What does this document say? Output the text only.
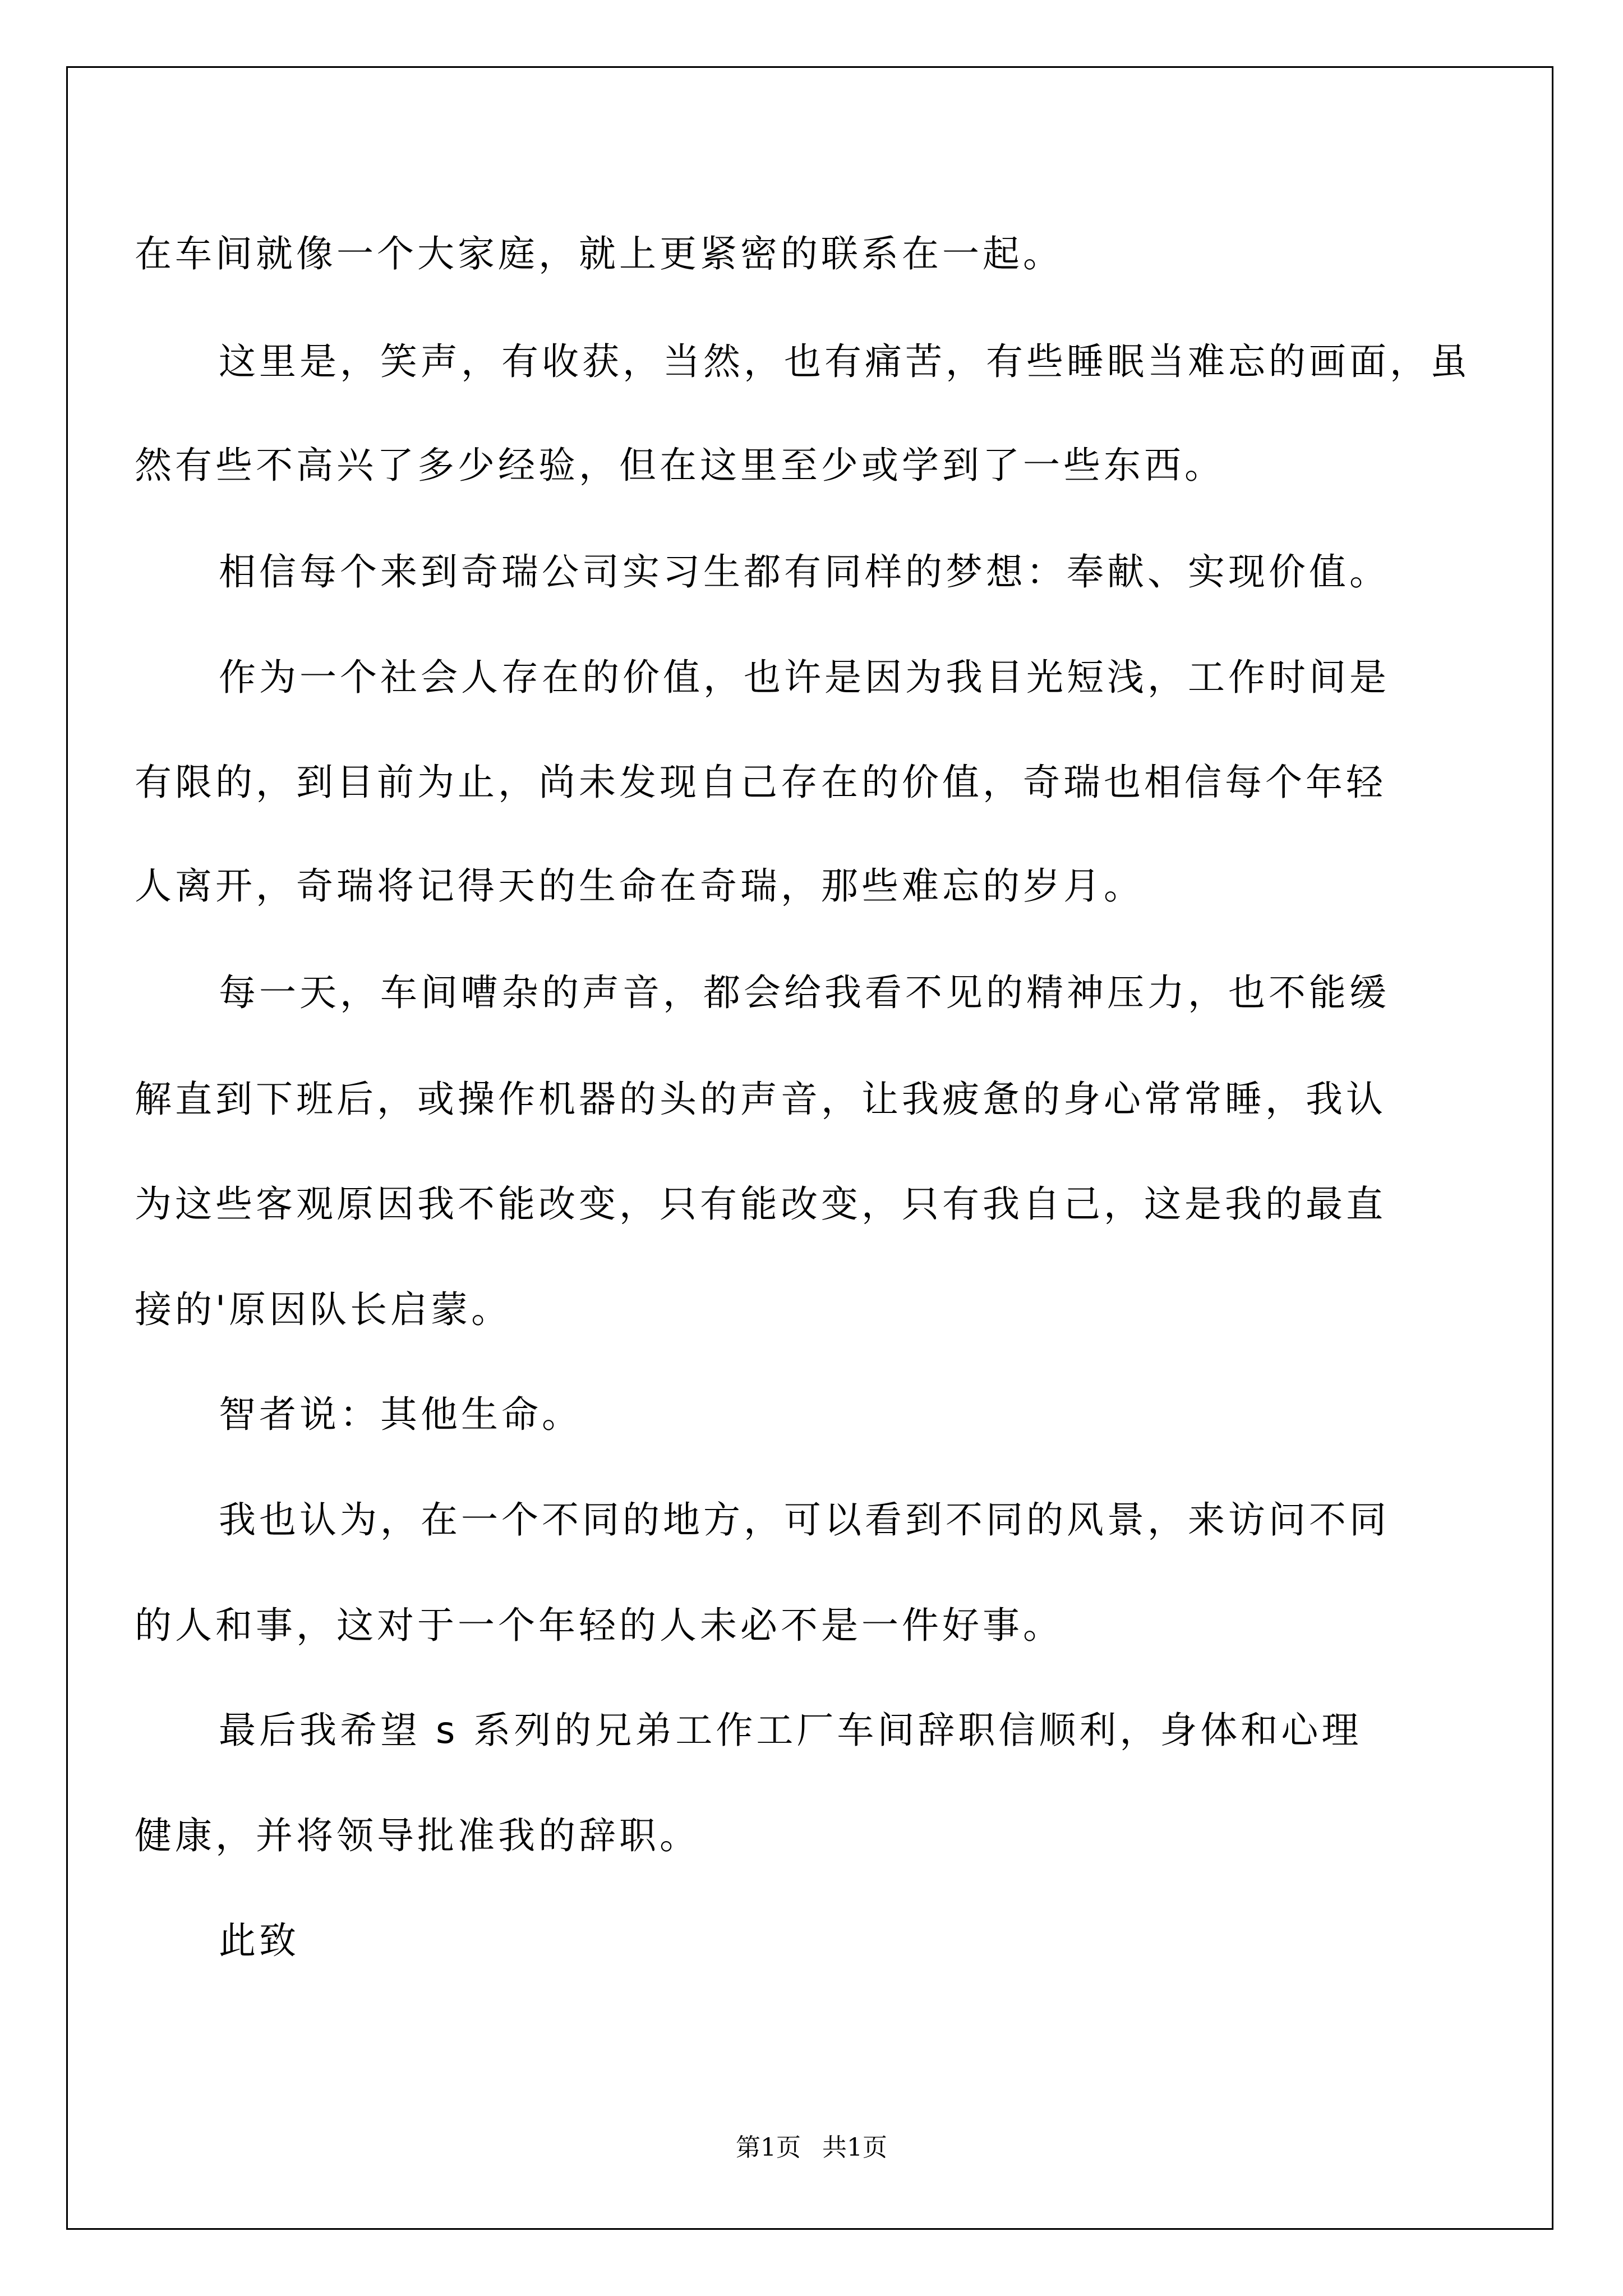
在车间就像一个大家庭，就上更紧密的联系在一起。
这里是，笑声，有收获，当然，也有痛苦，有些睡眠当难忘的画面，虽
然有些不高兴了多少经验，但在这里至少或学到了一些东西。
相信每个来到奇瑞公司实习生都有同样的梦想：奉献、实现价值。
作为一个社会人存在的价值，也许是因为我目光短浅，工作时间是
有限的，到目前为止，尚未发现自己存在的价值，奇瑞也相信每个年轻
人离开，奇瑞将记得天的生命在奇瑞，那些难忘的岁月。
每一天，车间嘈杂的声音，都会给我看不见的精神压力，也不能缓
解直到下班后，或操作机器的头的声音，让我疲惫的身心常常睡，我认
为这些客观原因我不能改变，只有能改变，只有我自己，这是我的最直
接的'原因队长启蒙。
智者说：其他生命。
我也认为，在一个不同的地方，可以看到不同的风景，来访问不同
的人和事，这对于一个年轻的人未必不是一件好事。
最后我希望 s 系列的兄弟工作工厂车间辞职信顺利，身体和心理
健康，并将领导批准我的辞职。
此致
第1页 共1页
